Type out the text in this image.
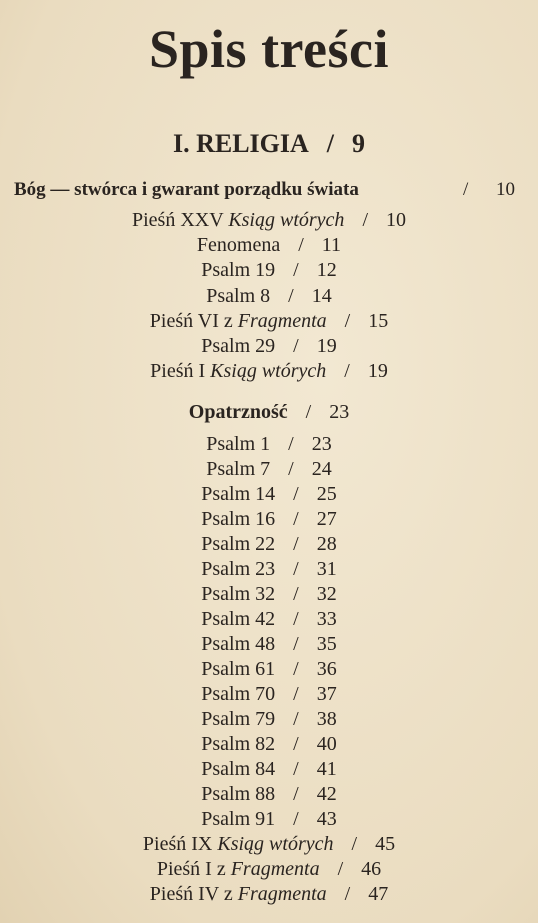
Spis treści
I. RELIGIA / 9
Bóg — stwórca i gwarant porządku świata	/ 10
Pieśń XXV Ksiąg wtórych / 10
Fenomena / 11
Psalm 19 / 12
Psalm 8 / 14
Pieśń VI z Fragmenta / 15
Psalm 29 / 19
Pieśń I Ksiąg wtórych / 19
Opatrzność / 23
Psalm 1 / 23
Psalm 7 / 24
Psalm 14 / 25
Psalm 16 / 27
Psalm 22 / 28
Psalm 23 / 31
Psalm 32 / 32
Psalm 42 / 33
Psalm 48 / 35
Psalm 61 / 36
Psalm 70 / 37
Psalm 79 / 38
Psalm 82 / 40
Psalm 84 / 41
Psalm 88 / 42
Psalm 91 / 43
Pieśń IX Ksiąg wtórych / 45
Pieśń I z Fragmenta / 46
Pieśń IV z Fragmenta / 47
